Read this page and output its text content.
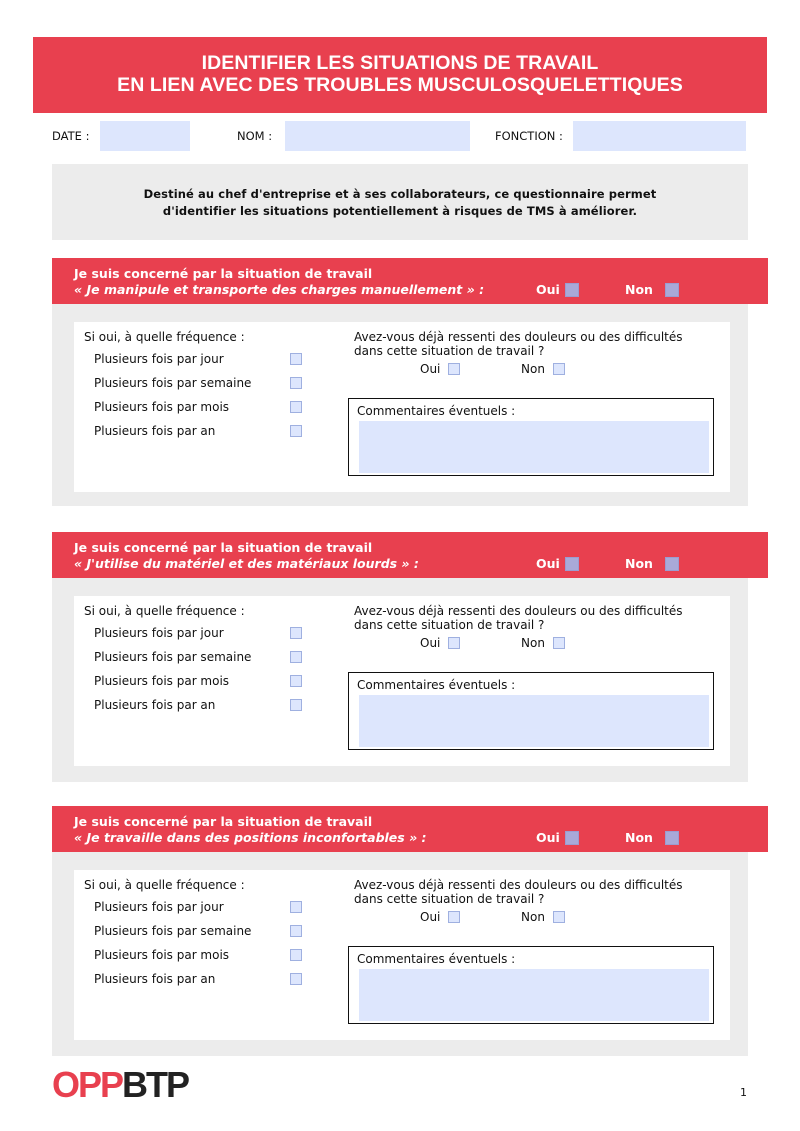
IDENTIFIER LES SITUATIONS DE TRAVAIL
EN LIEN AVEC DES TROUBLES MUSCULOSQUELETTIQUES
DATE :	NOM :	FONCTION :
Destiné au chef d'entreprise et à ses collaborateurs, ce questionnaire permet
d'identifier les situations potentiellement à risques de TMS à améliorer.
Je suis concerné par la situation de travail
« Je manipule et transporte des charges manuellement » :	Oui	Non
Si oui, à quelle fréquence :
Plusieurs fois par jour
Plusieurs fois par semaine
Plusieurs fois par mois
Plusieurs fois par an
Avez-vous déjà ressenti des douleurs ou des difficultés
dans cette situation de travail ?
Oui	Non
Commentaires éventuels :
Je suis concerné par la situation de travail
« J'utilise du matériel et des matériaux lourds » :	Oui	Non
Si oui, à quelle fréquence :
Plusieurs fois par jour
Plusieurs fois par semaine
Plusieurs fois par mois
Plusieurs fois par an
Avez-vous déjà ressenti des douleurs ou des difficultés
dans cette situation de travail ?
Oui	Non
Commentaires éventuels :
Je suis concerné par la situation de travail
« Je travaille dans des positions inconfortables » :	Oui	Non
Si oui, à quelle fréquence :
Plusieurs fois par jour
Plusieurs fois par semaine
Plusieurs fois par mois
Plusieurs fois par an
Avez-vous déjà ressenti des douleurs ou des difficultés
dans cette situation de travail ?
Oui	Non
Commentaires éventuels :
OPPBTP	1
